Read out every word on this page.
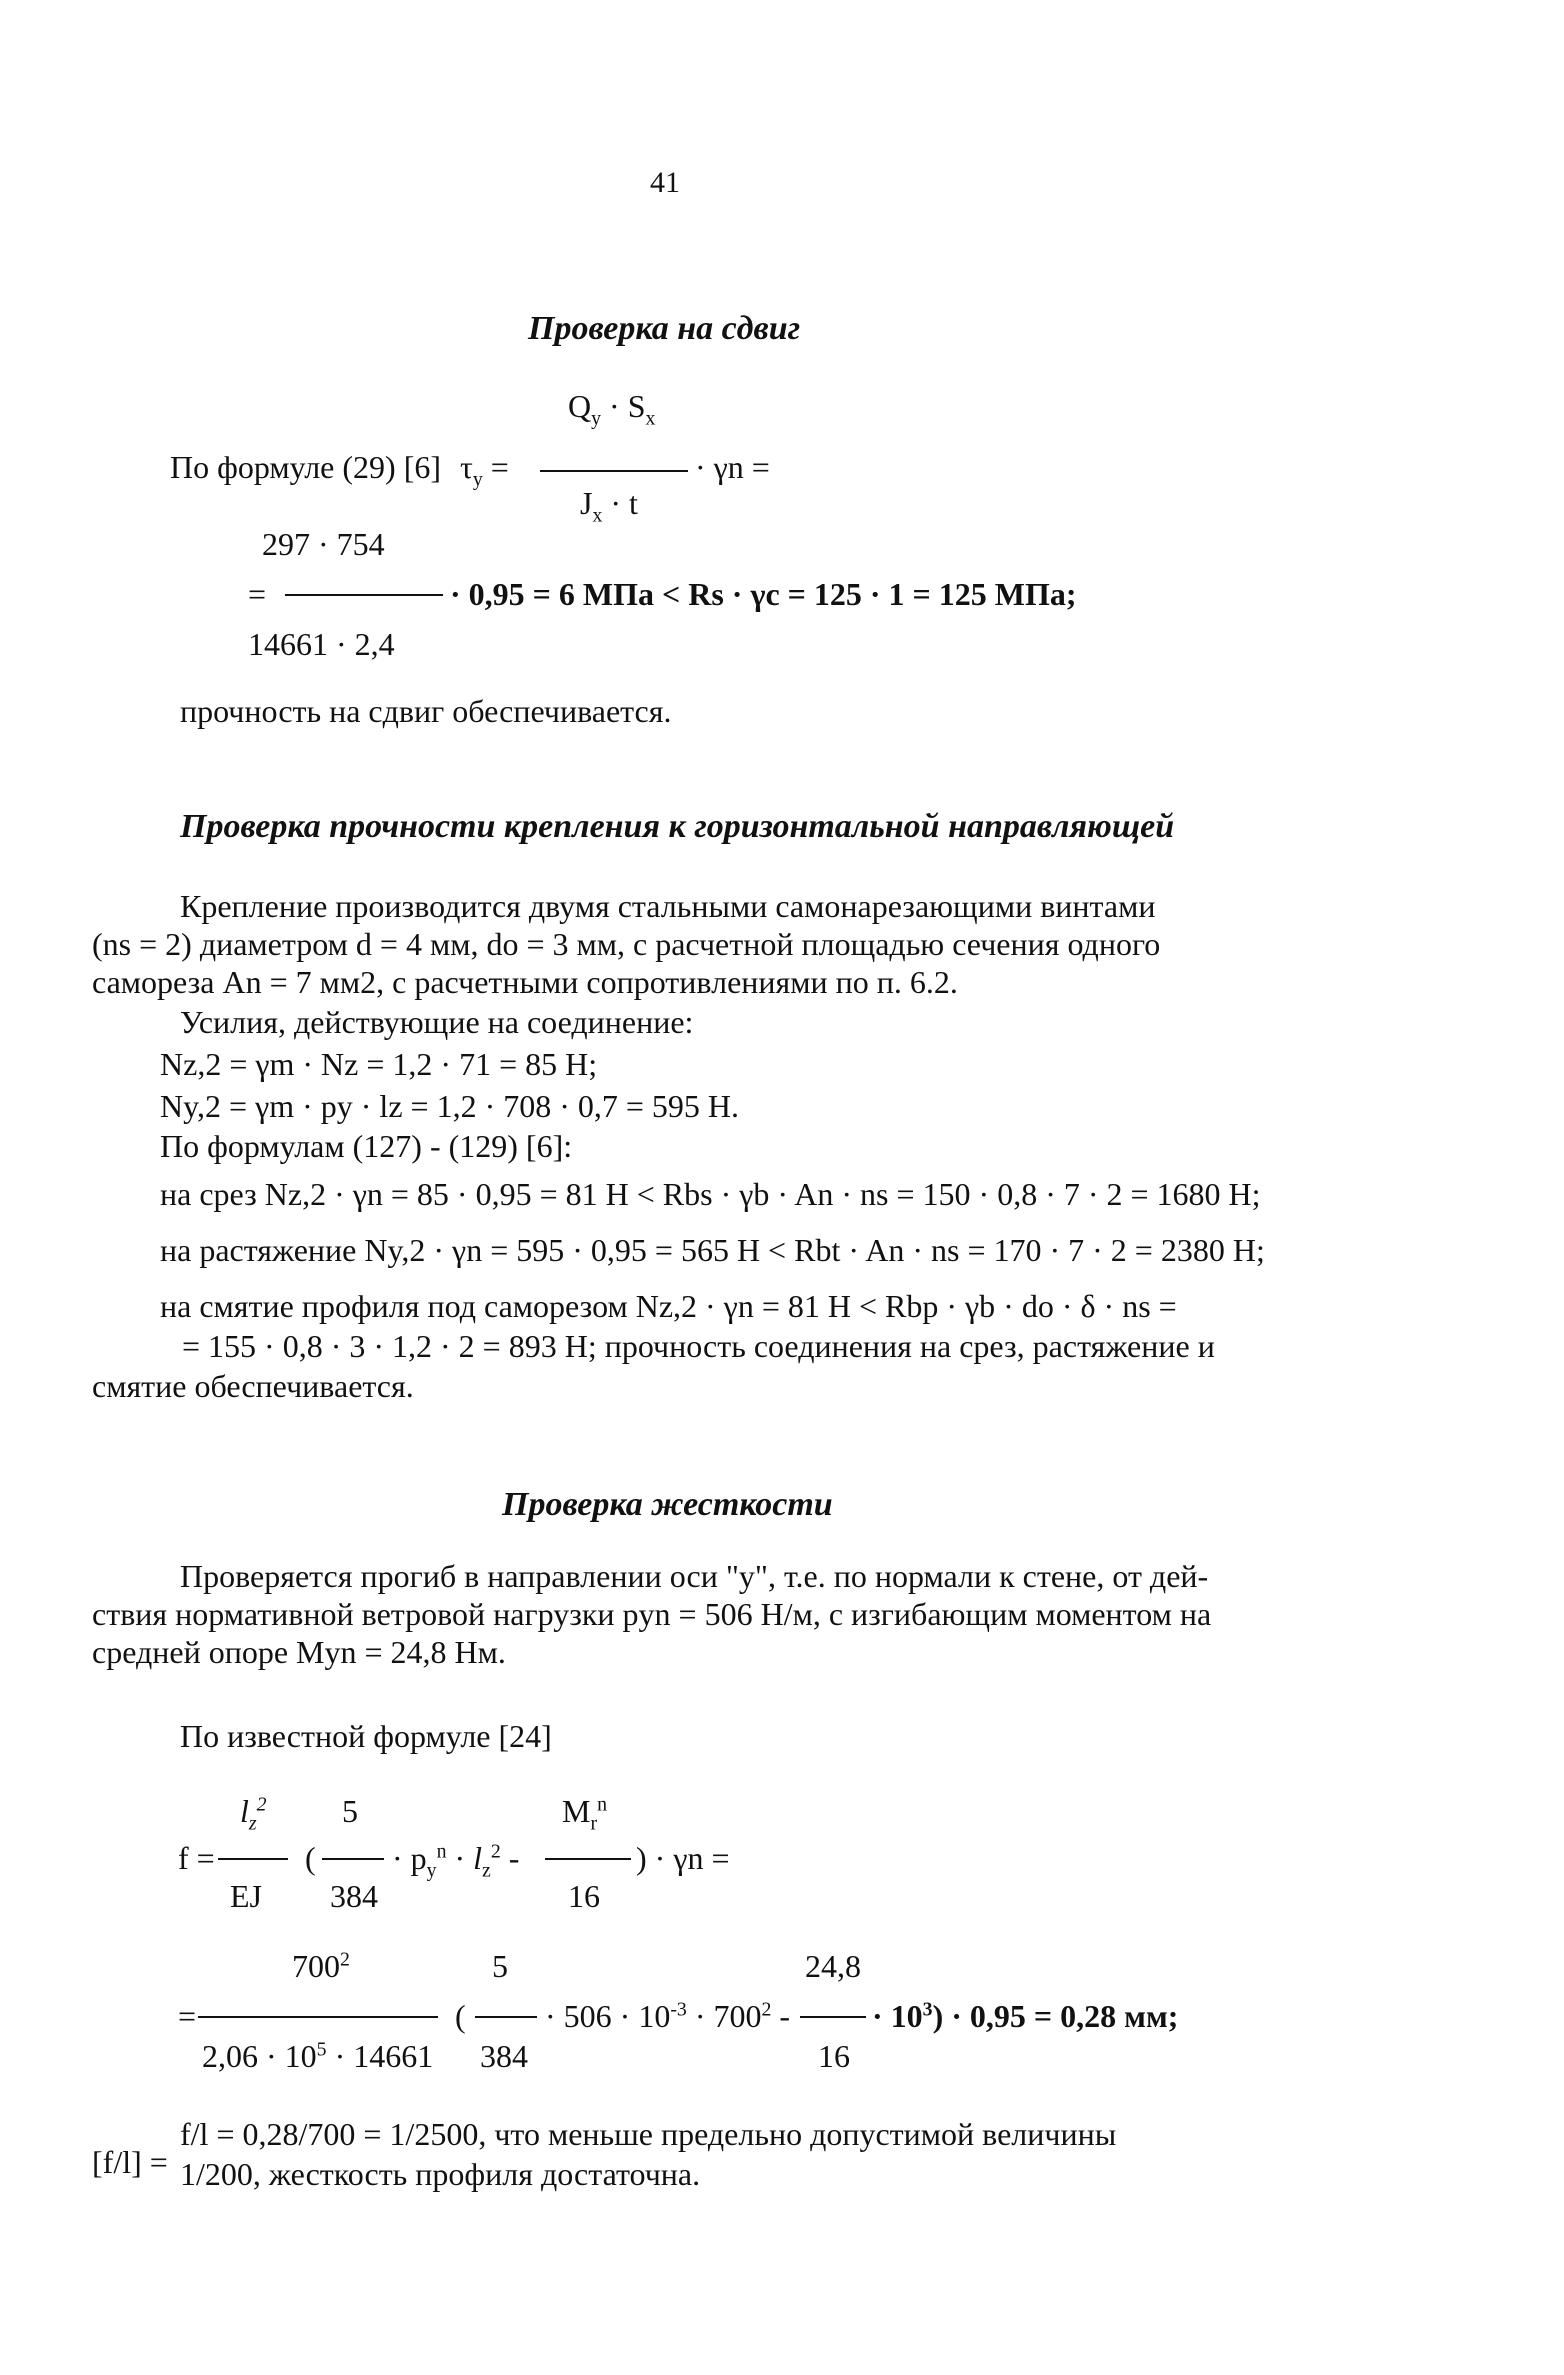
41
Проверка на сдвиг
По формуле (29) [6] $\tau_y$ =
$Q_y \cdot S_x$
$J_x \cdot t$
· γn =
297 · 754
=
14661 · 2,4
· 0,95 = 6 МПа < Rs · γc = 125 · 1 = 125 МПа;
прочность на сдвиг обеспечивается.
Проверка прочности крепления к горизонтальной направляющей
Крепление производится двумя стальными самонарезающими винтами
(ns = 2) диаметром d = 4 мм, do = 3 мм, с расчетной площадью сечения одного
самореза An = 7 мм2, с расчетными сопротивлениями по п. 6.2.
Усилия, действующие на соединение:
Nz,2 = γm · Nz = 1,2 · 71 = 85 Н;
Ny,2 = γm · py · lz = 1,2 · 708 · 0,7 = 595 Н.
По формулам (127) - (129) [6]:
на срез Nz,2 · γn = 85 · 0,95 = 81 Н < Rbs · γb · An · ns = 150 · 0,8 · 7 · 2 = 1680 Н;
на растяжение Ny,2 · γn = 595 · 0,95 = 565 Н < Rbt · An · ns = 170 · 7 · 2 = 2380 Н;
на смятие профиля под саморезом Nz,2 · γn = 81 Н < Rbp · γb · do · δ · ns =
= 155 · 0,8 · 3 · 1,2 · 2 = 893 Н; прочность соединения на срез, растяжение и
смятие обеспечивается.
Проверка жесткости
Проверяется прогиб в направлении оси "у", т.е. по нормали к стене, от дей-
ствия нормативной ветровой нагрузки pyn = 506 Н/м, с изгибающим моментом на
средней опоре Myn = 24,8 Нм.
По известной формуле [24]
f =
$l_z^2$
EJ
(
5
384
· $p_y^n \cdot l_z^2$ -
$M_r^n$
16
) · γn =
=
$700^2$
$2,06 \cdot 10^5 \cdot 14661$
(
5
384
· $506 \cdot 10^{-3} \cdot 700^2$ -
24,8
16
· $10^3) \cdot 0,95 = 0,28$ мм;
f/l = 0,28/700 = 1/2500, что меньше предельно допустимой величины
[f/l] = 1/200, жесткость профиля достаточна.
